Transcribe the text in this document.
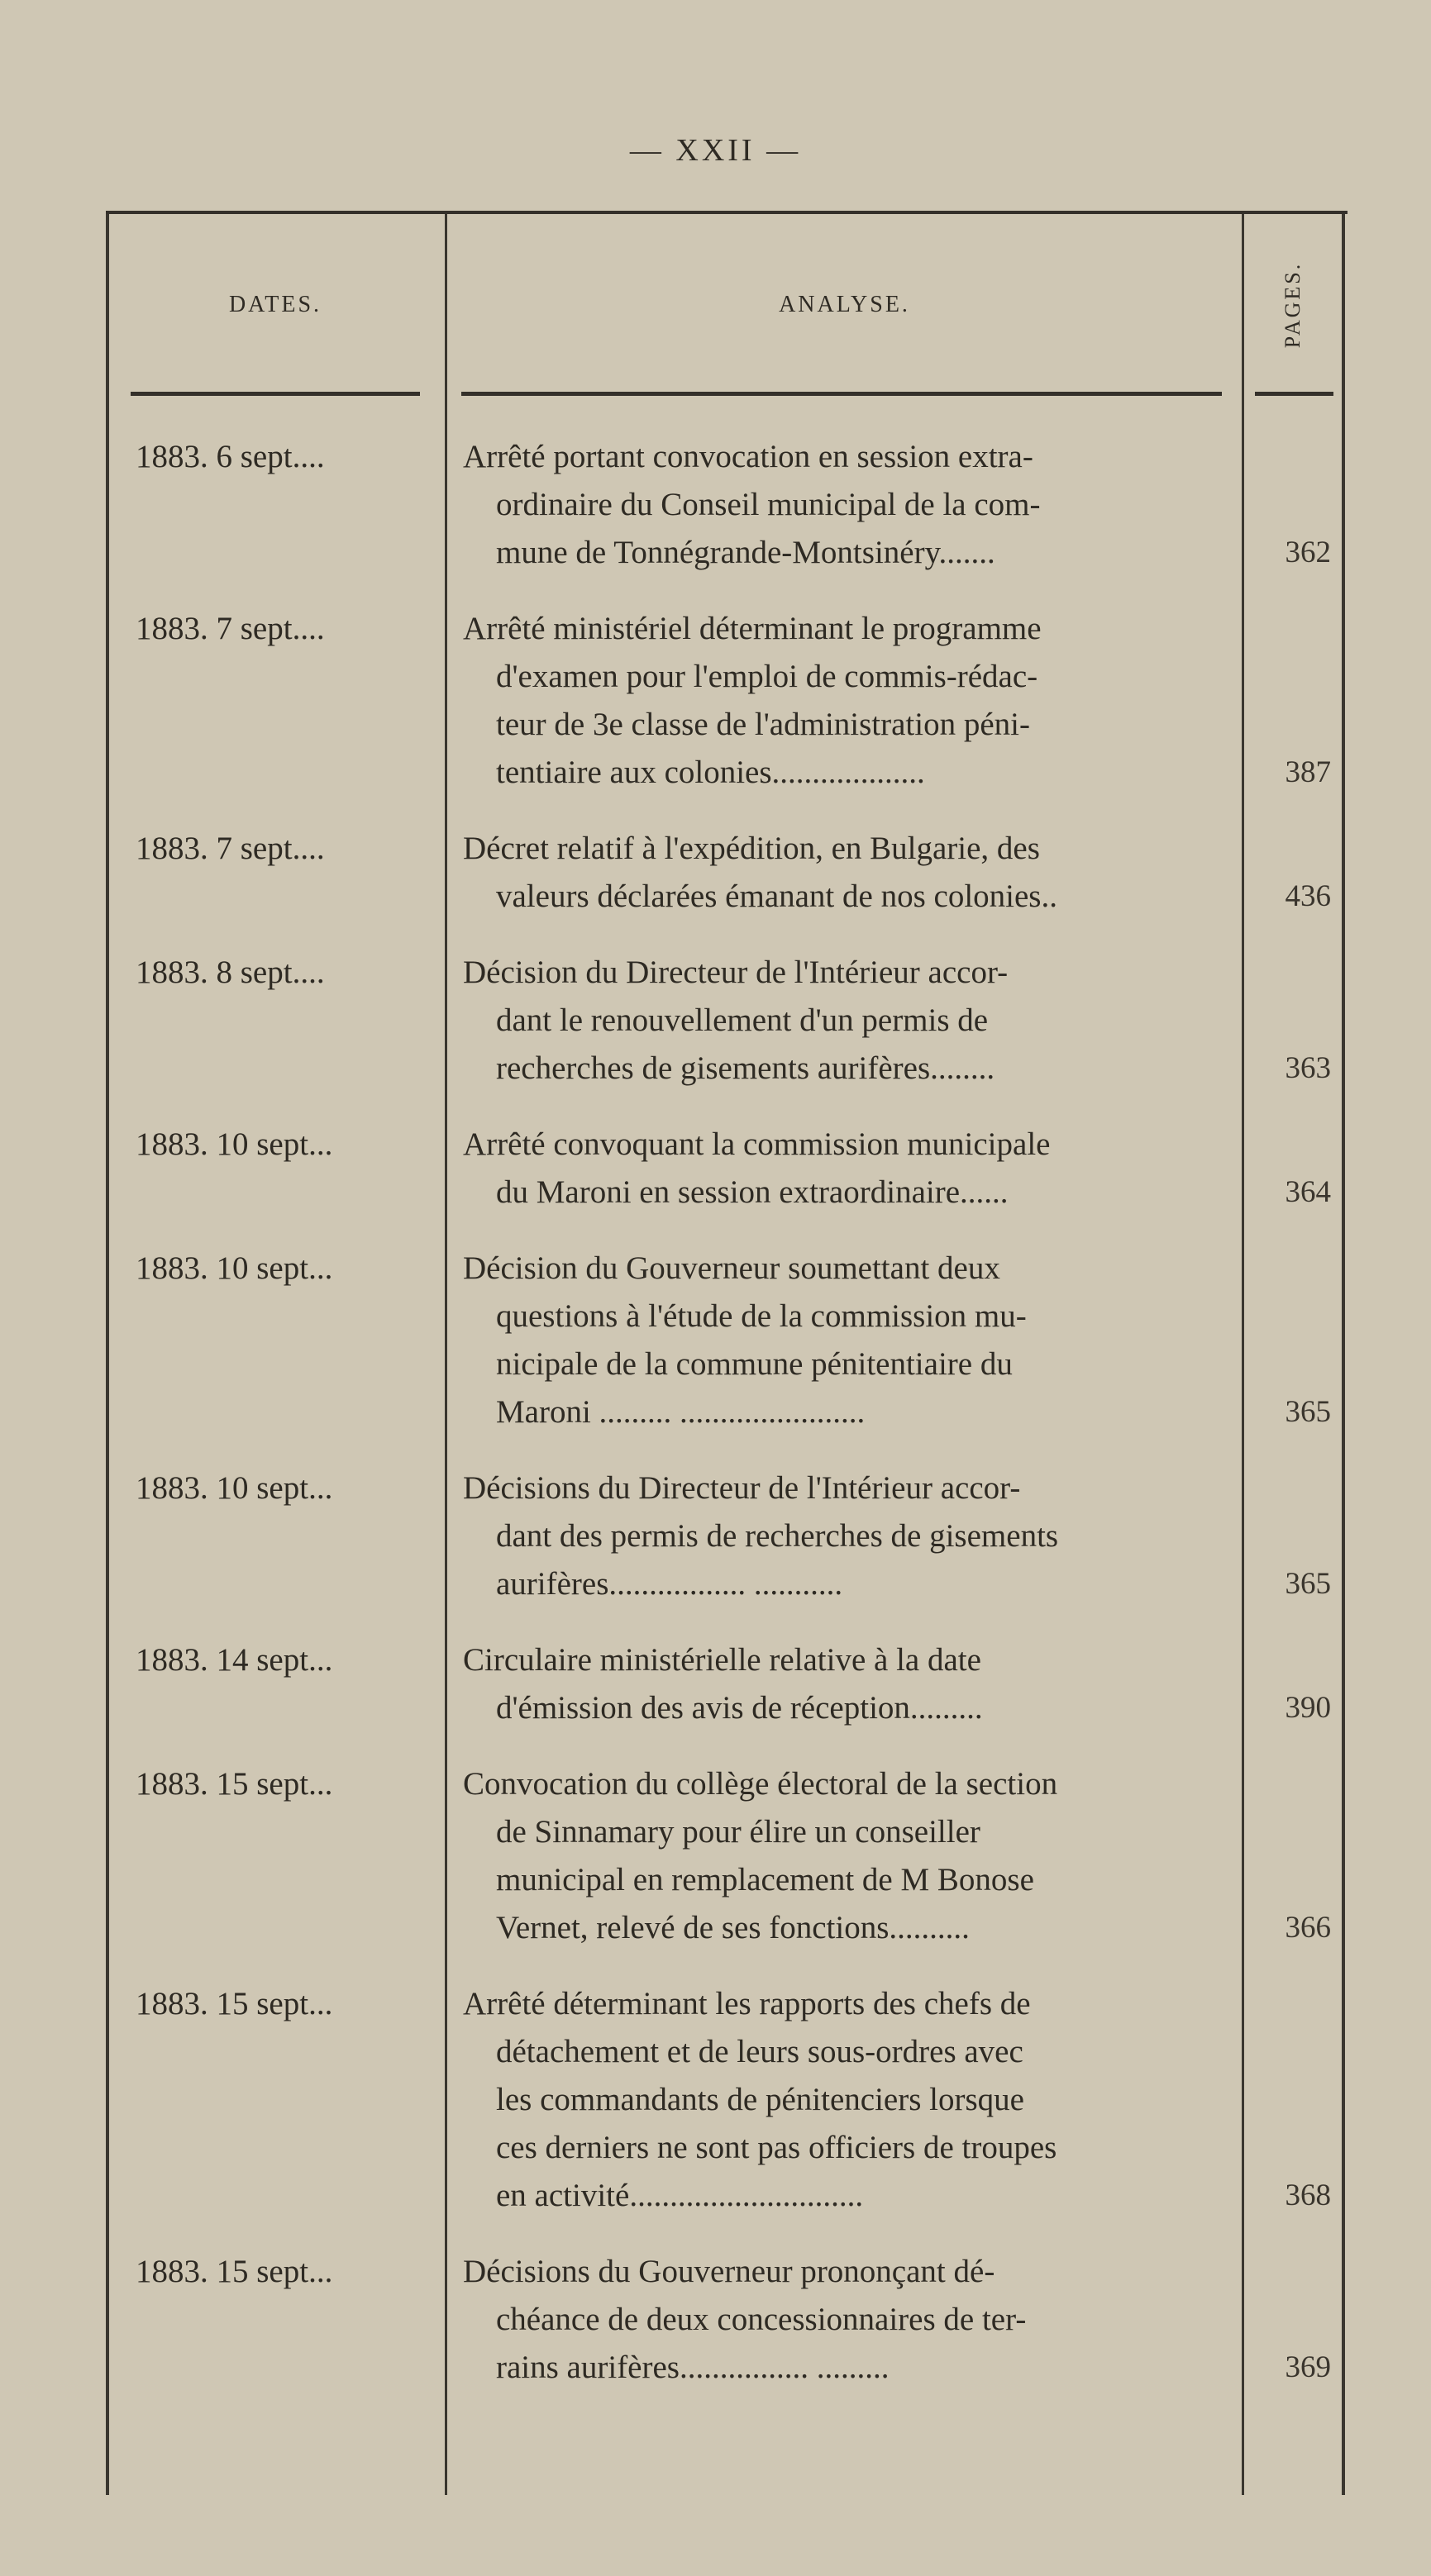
— XXII —
DATES.	ANALYSE.	PAGES.
1883. 6 sept....	Arrêté portant convocation en session extra-
ordinaire du Conseil municipal de la com-
mune de Tonnégrande-Montsinéry.......	362
1883. 7 sept....	Arrêté ministériel déterminant le programme
d'examen pour l'emploi de commis-rédac-
teur de 3e classe de l'administration péni-
tentiaire aux colonies...................	387
1883. 7 sept....	Décret relatif à l'expédition, en Bulgarie, des
valeurs déclarées émanant de nos colonies..	436
1883. 8 sept....	Décision du Directeur de l'Intérieur accor-
dant le renouvellement d'un permis de
recherches de gisements aurifères........	363
1883. 10 sept...	Arrêté convoquant la commission municipale
du Maroni en session extraordinaire......	364
1883. 10 sept...	Décision du Gouverneur soumettant deux
questions à l'étude de la commission mu-
nicipale de la commune pénitentiaire du
Maroni ......... .......................	365
1883. 10 sept...	Décisions du Directeur de l'Intérieur accor-
dant des permis de recherches de gisements
aurifères................. ...........	365
1883. 14 sept...	Circulaire ministérielle relative à la date
d'émission des avis de réception.........	390
1883. 15 sept...	Convocation du collège électoral de la section
de Sinnamary pour élire un conseiller
municipal en remplacement de M Bonose
Vernet, relevé de ses fonctions..........	366
1883. 15 sept...	Arrêté déterminant les rapports des chefs de
détachement et de leurs sous-ordres avec
les commandants de pénitenciers lorsque
ces derniers ne sont pas officiers de troupes
en activité.............................	368
1883. 15 sept...	Décisions du Gouverneur prononçant dé-
chéance de deux concessionnaires de ter-
rains aurifères................ .........	369
